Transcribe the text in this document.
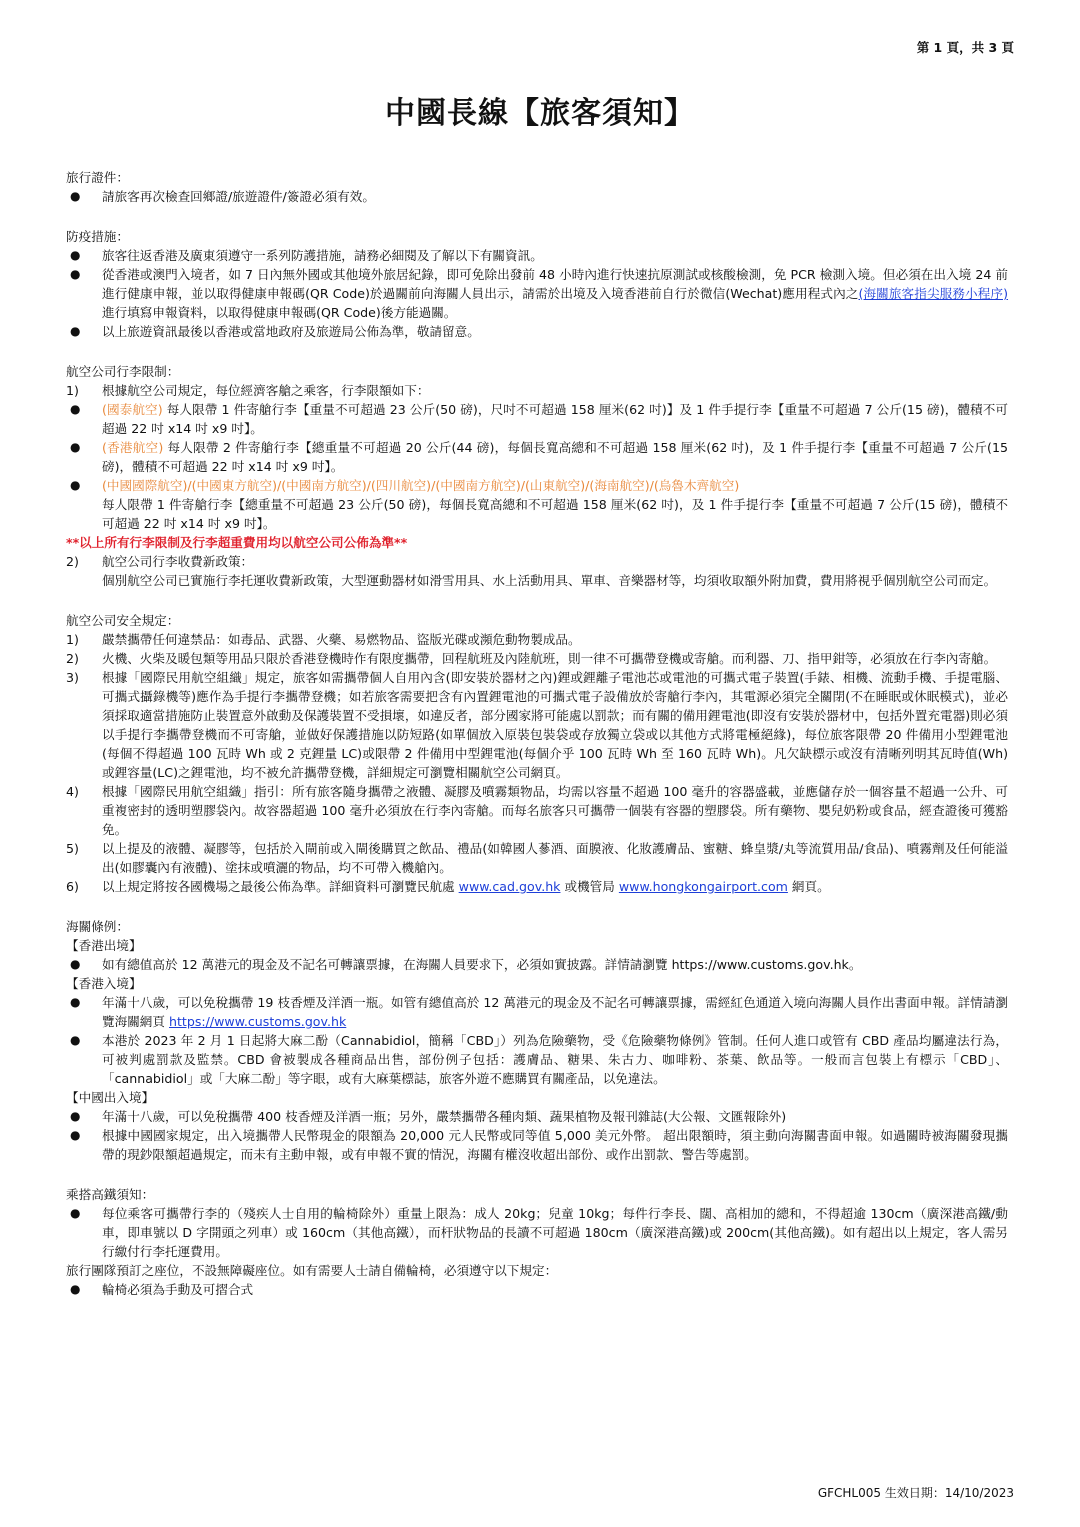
第 1 頁，共 3 頁
中國長線【旅客須知】

旅行證件：

●	請旅客再次檢查回鄉證/旅遊證件/簽證必須有效。

防疫措施：

●	旅客往返香港及廣東須遵守一系列防護措施，請務必細閱及了解以下有關資訊。
●	從香港或澳門入境者，如 7 日內無外國或其他境外旅居紀錄，即可免除出發前 48 小時內進行快速抗原測試或核酸檢測，免 PCR 檢測入境。但必須在出入境 24 前進行健康申報，並以取得健康申報碼(QR Code)於過關前向海關人員出示，請需於出境及入境香港前自行於微信(Wechat)應用程式內之(海關旅客指尖服務小程序)進行填寫申報資料，以取得健康申報碼(QR Code)後方能過關。
●	以上旅遊資訊最後以香港或當地政府及旅遊局公佈為準，敬請留意。

航空公司行李限制：

1)	根據航空公司規定，每位經濟客艙之乘客，行李限額如下：
●	(國泰航空) 每人限帶 1 件寄艙行李【重量不可超過 23 公斤(50 磅)，尺吋不可超過 158 厘米(62 吋)】及 1 件手提行李【重量不可超過 7 公斤(15 磅)，體積不可超過 22 吋 x14 吋 x9 吋】。
●	(香港航空) 每人限帶 2 件寄艙行李【總重量不可超過 20 公斤(44 磅)，每個長寬高總和不可超過 158 厘米(62 吋)，及 1 件手提行李【重量不可超過 7 公斤(15 磅)，體積不可超過 22 吋 x14 吋 x9 吋】。
●	(中國國際航空)/(中國東方航空)/(中國南方航空)/(四川航空)/(中國南方航空)/(山東航空)/(海南航空)/(烏魯木齊航空)
每人限帶 1 件寄艙行李【總重量不可超過 23 公斤(50 磅)，每個長寬高總和不可超過 158 厘米(62 吋)，及 1 件手提行李【重量不可超過 7 公斤(15 磅)，體積不可超過 22 吋 x14 吋 x9 吋】。

**以上所有行李限制及行李超重費用均以航空公司公佈為準**

2)	航空公司行李收費新政策：
個別航空公司已實施行李托運收費新政策，大型運動器材如滑雪用具、水上活動用具、單車、音樂器材等，均須收取額外附加費，費用將視乎個別航空公司而定。

航空公司安全規定：

1)	嚴禁攜帶任何違禁品：如毒品、武器、火藥、易燃物品、盜版光碟或瀕危動物製成品。
2)	火機、火柴及暖包類等用品只限於香港登機時作有限度攜帶，回程航班及內陸航班，則一律不可攜帶登機或寄艙。而利器、刀、指甲鉗等，必須放在行李內寄艙。
3)	根據「國際民用航空組織」規定，旅客如需攜帶個人自用內含(即安裝於器材之內)鋰或鋰離子電池芯或電池的可攜式電子裝置(手錶、相機、流動手機、手提電腦、可攜式攝錄機等)應作為手提行李攜帶登機；如若旅客需要把含有內置鋰電池的可攜式電子設備放於寄艙行李內，其電源必須完全關閉(不在睡眠或休眠模式)，並必須採取適當措施防止裝置意外啟動及保護裝置不受損壞，如違反者，部分國家將可能處以罰款；而有關的備用鋰電池(即沒有安裝於器材中，包括外置充電器)則必須以手提行李攜帶登機而不可寄艙，並做好保護措施以防短路(如單個放入原裝包裝袋或存放獨立袋或以其他方式將電極絕緣)，每位旅客限帶 20 件備用小型鋰電池(每個不得超過 100 瓦時 Wh 或 2 克鋰量 LC)或限帶 2 件備用中型鋰電池(每個介乎 100 瓦時 Wh 至 160 瓦時 Wh)。凡欠缺標示或沒有清晰列明其瓦時值(Wh)或鋰容量(LC)之鋰電池，均不被允許攜帶登機，詳細規定可瀏覽相關航空公司網頁。
4)	根據「國際民用航空組織」指引：所有旅客隨身攜帶之液體、凝膠及噴霧類物品，均需以容量不超過 100 毫升的容器盛載，並應儲存於一個容量不超過一公升、可重複密封的透明塑膠袋內。故容器超過 100 毫升必須放在行李內寄艙。而每名旅客只可攜帶一個裝有容器的塑膠袋。所有藥物、嬰兒奶粉或食品，經查證後可獲豁免。
5)	以上提及的液體、凝膠等，包括於入閘前或入閘後購買之飲品、禮品(如韓國人蔘酒、面膜液、化妝護膚品、蜜糖、蜂皇漿/丸等流質用品/食品)、噴霧劑及任何能溢出(如膠囊內有液體)、塗抹或噴灑的物品，均不可帶入機艙內。
6)	以上規定將按各國機場之最後公佈為準。詳細資料可瀏覽民航處 www.cad.gov.hk 或機管局 www.hongkongairport.com 網頁。

海關條例：

【香港出境】

●	如有總值高於 12 萬港元的現金及不記名可轉讓票據，在海關人員要求下，必須如實披露。詳情請瀏覽 https://www.customs.gov.hk。

【香港入境】

●	年滿十八歲，可以免稅攜帶 19 枝香煙及洋酒一瓶。如管有總值高於 12 萬港元的現金及不記名可轉讓票據，需經紅色通道入境向海關人員作出書面申報。詳情請瀏覽海關網頁 https://www.customs.gov.hk
●	本港於 2023 年 2 月 1 日起將大麻二酚（Cannabidiol，簡稱「CBD」）列為危險藥物，受《危險藥物條例》管制。任何人進口或管有 CBD 產品均屬違法行為，可被判處罰款及監禁。CBD 會被製成各種商品出售，部份例子包括：護膚品、糖果、朱古力、咖啡粉、茶葉、飲品等。一般而言包裝上有標示「CBD」、「cannabidiol」或「大麻二酚」等字眼，或有大麻葉標誌，旅客外遊不應購買有關產品，以免違法。

【中國出入境】

●	年滿十八歲，可以免稅攜帶 400 枝香煙及洋酒一瓶；另外，嚴禁攜帶各種肉類、蔬果植物及報刊雜誌(大公報、文匯報除外)
●	根據中國國家規定，出入境攜帶人民幣現金的限額為 20,000 元人民幣或同等值 5,000 美元外幣。 超出限額時，須主動向海關書面申報。如過關時被海關發現攜帶的現鈔限額超過規定，而未有主動申報，或有申報不實的情況，海關有權沒收超出部份、或作出罰款、警告等處罰。

乘搭高鐵須知：

●	每位乘客可攜帶行李的（殘疾人士自用的輪椅除外）重量上限為：成人 20kg；兒童 10kg；每件行李長、闊、高相加的總和，不得超逾 130cm（廣深港高鐵/動車，即車號以 D 字開頭之列車）或 160cm（其他高鐵），而杆狀物品的長讀不可超過 180cm（廣深港高鐵)或 200cm(其他高鐵)。如有超出以上規定，客人需另行繳付行李托運費用。

旅行團隊預訂之座位，不設無障礙座位。如有需要人士請自備輪椅，必須遵守以下規定：

●	輪椅必須為手動及可摺合式
GFCHL005 生效日期：14/10/2023
